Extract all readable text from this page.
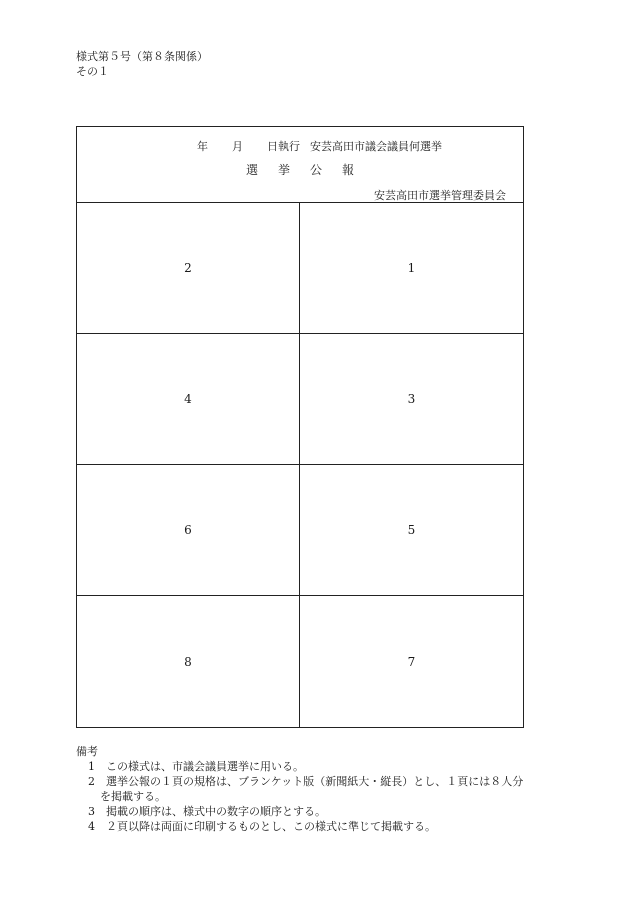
様式第５号（第８条関係）
その１
年 月 日執行 安芸高田市議会議員何選挙
選 挙 公 報
安芸高田市選挙管理委員会
2	1
4	3
6	5
8	7
備考
1 この様式は、市議会議員選挙に用いる。
2 選挙公報の１頁の規格は、ブランケット版（新聞紙大・縦長）とし、１頁には８人分
を掲載する。
3 掲載の順序は、様式中の数字の順序とする。
4 ２頁以降は両面に印刷するものとし、この様式に準じて掲載する。
